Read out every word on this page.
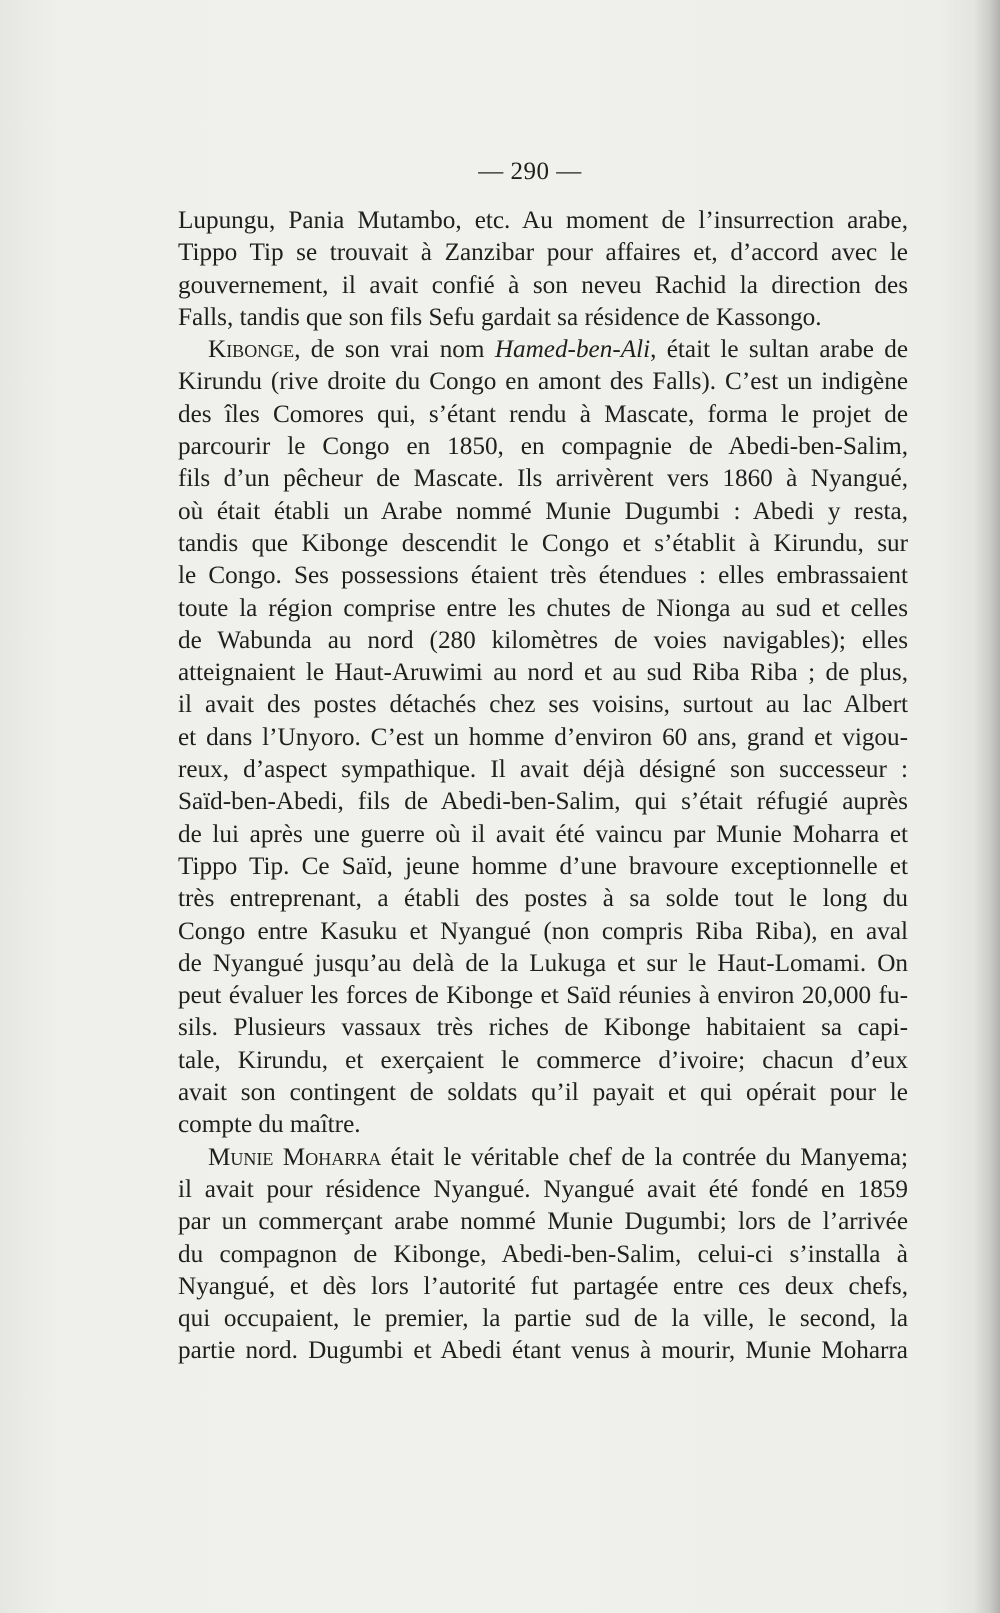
— 290 —
Lupungu, Pania Mutambo, etc. Au moment de l’insurrection arabe,
Tippo Tip se trouvait à Zanzibar pour affaires et, d’accord avec le
gouvernement, il avait confié à son neveu Rachid la direction des
Falls, tandis que son fils Sefu gardait sa résidence de Kassongo.
Kibonge, de son vrai nom Hamed-ben-Ali, était le sultan arabe de
Kirundu (rive droite du Congo en amont des Falls). C’est un indigène
des îles Comores qui, s’étant rendu à Mascate, forma le projet de
parcourir le Congo en 1850, en compagnie de Abedi-ben-Salim,
fils d’un pêcheur de Mascate. Ils arrivèrent vers 1860 à Nyangué,
où était établi un Arabe nommé Munie Dugumbi : Abedi y resta,
tandis que Kibonge descendit le Congo et s’établit à Kirundu, sur
le Congo. Ses possessions étaient très étendues : elles embrassaient
toute la région comprise entre les chutes de Nionga au sud et celles
de Wabunda au nord (280 kilomètres de voies navigables); elles
atteignaient le Haut-Aruwimi au nord et au sud Riba Riba ; de plus,
il avait des postes détachés chez ses voisins, surtout au lac Albert
et dans l’Unyoro. C’est un homme d’environ 60 ans, grand et vigou-
reux, d’aspect sympathique. Il avait déjà désigné son successeur :
Saïd-ben-Abedi, fils de Abedi-ben-Salim, qui s’était réfugié auprès
de lui après une guerre où il avait été vaincu par Munie Moharra et
Tippo Tip. Ce Saïd, jeune homme d’une bravoure exceptionnelle et
très entreprenant, a établi des postes à sa solde tout le long du
Congo entre Kasuku et Nyangué (non compris Riba Riba), en aval
de Nyangué jusqu’au delà de la Lukuga et sur le Haut-Lomami. On
peut évaluer les forces de Kibonge et Saïd réunies à environ 20,000 fu-
sils. Plusieurs vassaux très riches de Kibonge habitaient sa capi-
tale, Kirundu, et exerçaient le commerce d’ivoire; chacun d’eux
avait son contingent de soldats qu’il payait et qui opérait pour le
compte du maître.
Munie Moharra était le véritable chef de la contrée du Manyema;
il avait pour résidence Nyangué. Nyangué avait été fondé en 1859
par un commerçant arabe nommé Munie Dugumbi; lors de l’arrivée
du compagnon de Kibonge, Abedi-ben-Salim, celui-ci s’installa à
Nyangué, et dès lors l’autorité fut partagée entre ces deux chefs,
qui occupaient, le premier, la partie sud de la ville, le second, la
partie nord. Dugumbi et Abedi étant venus à mourir, Munie Moharra
